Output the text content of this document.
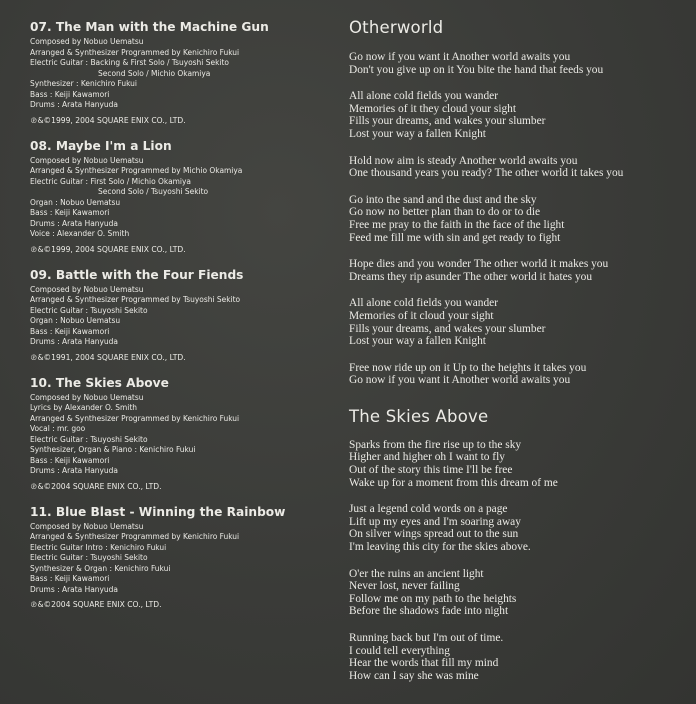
07. The Man with the Machine Gun
Composed by Nobuo Uematsu
Arranged & Synthesizer Programmed by Kenichiro Fukui
Electric Guitar : Backing & First Solo / Tsuyoshi Sekito
Second Solo / Michio Okamiya
Synthesizer : Kenichiro Fukui
Bass : Keiji Kawamori
Drums : Arata Hanyuda
℗&©1999, 2004 SQUARE ENIX CO., LTD.
08. Maybe I'm a Lion
Composed by Nobuo Uematsu
Arranged & Synthesizer Programmed by Michio Okamiya
Electric Guitar : First Solo / Michio Okamiya
Second Solo / Tsuyoshi Sekito
Organ : Nobuo Uematsu
Bass : Keiji Kawamori
Drums : Arata Hanyuda
Voice : Alexander O. Smith
℗&©1999, 2004 SQUARE ENIX CO., LTD.
09. Battle with the Four Fiends
Composed by Nobuo Uematsu
Arranged & Synthesizer Programmed by Tsuyoshi Sekito
Electric Guitar : Tsuyoshi Sekito
Organ : Nobuo Uematsu
Bass : Keiji Kawamori
Drums : Arata Hanyuda
℗&©1991, 2004 SQUARE ENIX CO., LTD.
10. The Skies Above
Composed by Nobuo Uematsu
Lyrics by Alexander O. Smith
Arranged & Synthesizer Programmed by Kenichiro Fukui
Vocal : mr. goo
Electric Guitar : Tsuyoshi Sekito
Synthesizer, Organ & Piano : Kenichiro Fukui
Bass : Keiji Kawamori
Drums : Arata Hanyuda
℗&©2004 SQUARE ENIX CO., LTD.
11. Blue Blast - Winning the Rainbow
Composed by Nobuo Uematsu
Arranged & Synthesizer Programmed by Kenichiro Fukui
Electric Guitar Intro : Kenichiro Fukui
Electric Guitar : Tsuyoshi Sekito
Synthesizer & Organ : Kenichiro Fukui
Bass : Keiji Kawamori
Drums : Arata Hanyuda
℗&©2004 SQUARE ENIX CO., LTD.
Otherworld
Go now if you want it Another world awaits you
Don't you give up on it You bite the hand that feeds you
All alone cold fields you wander
Memories of it they cloud your sight
Fills your dreams, and wakes your slumber
Lost your way a fallen Knight
Hold now aim is steady Another world awaits you
One thousand years you ready? The other world it takes you
Go into the sand and the dust and the sky
Go now no better plan than to do or to die
Free me pray to the faith in the face of the light
Feed me fill me with sin and get ready to fight
Hope dies and you wonder The other world it makes you
Dreams they rip asunder The other world it hates you
All alone cold fields you wander
Memories of it cloud your sight
Fills your dreams, and wakes your slumber
Lost your way a fallen Knight
Free now ride up on it Up to the heights it takes you
Go now if you want it Another world awaits you
The Skies Above
Sparks from the fire rise up to the sky
Higher and higher oh I want to fly
Out of the story this time I'll be free
Wake up for a moment from this dream of me
Just a legend cold words on a page
Lift up my eyes and I'm soaring away
On silver wings spread out to the sun
I'm leaving this city for the skies above.
O'er the ruins an ancient light
Never lost, never failing
Follow me on my path to the heights
Before the shadows fade into night
Running back but I'm out of time.
I could tell everything
Hear the words that fill my mind
How can I say she was mine
